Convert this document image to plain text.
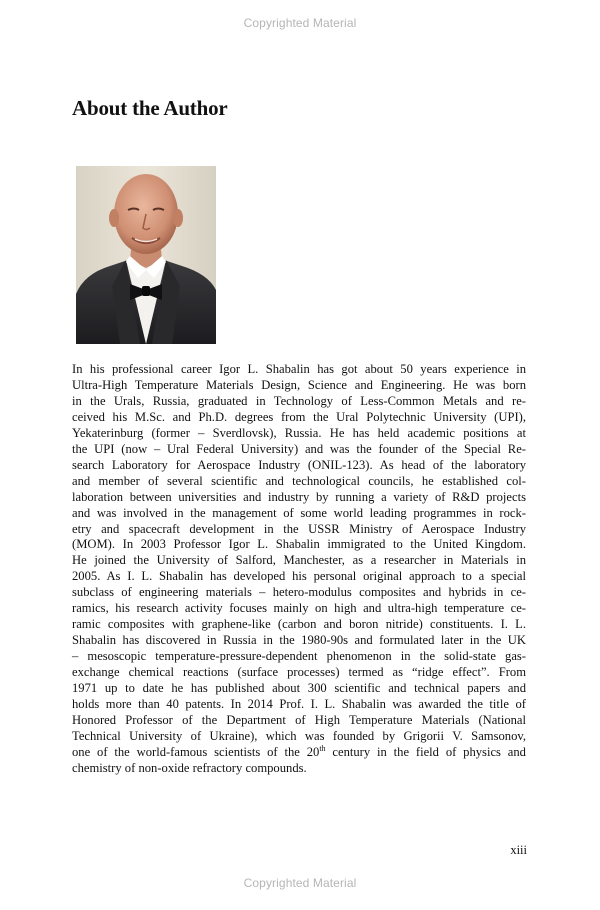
Copyrighted Material
About the Author

In his professional career Igor L. Shabalin has got about 50 years experience in
Ultra-High Temperature Materials Design, Science and Engineering. He was born
in the Urals, Russia, graduated in Technology of Less-Common Metals and re-
ceived his M.Sc. and Ph.D. degrees from the Ural Polytechnic University (UPI),
Yekaterinburg (former – Sverdlovsk), Russia. He has held academic positions at
the UPI (now – Ural Federal University) and was the founder of the Special Re-
search Laboratory for Aerospace Industry (ONIL-123). As head of the laboratory
and member of several scientific and technological councils, he established col-
laboration between universities and industry by running a variety of R&D projects
and was involved in the management of some world leading programmes in rock-
etry and spacecraft development in the USSR Ministry of Aerospace Industry
(MOM). In 2003 Professor Igor L. Shabalin immigrated to the United Kingdom.
He joined the University of Salford, Manchester, as a researcher in Materials in
2005. As I. L. Shabalin has developed his personal original approach to a special
subclass of engineering materials – hetero-modulus composites and hybrids in ce-
ramics, his research activity focuses mainly on high and ultra-high temperature ce-
ramic composites with graphene-like (carbon and boron nitride) constituents. I. L.
Shabalin has discovered in Russia in the 1980-90s and formulated later in the UK
– mesoscopic temperature-pressure-dependent phenomenon in the solid-state gas-
exchange chemical reactions (surface processes) termed as “ridge effect”. From
1971 up to date he has published about 300 scientific and technical papers and
holds more than 40 patents. In 2014 Prof. I. L. Shabalin was awarded the title of
Honored Professor of the Department of High Temperature Materials (National
Technical University of Ukraine), which was founded by Grigorii V. Samsonov,
one of the world-famous scientists of the 20th century in the field of physics and
chemistry of non-oxide refractory compounds.

xiii
Copyrighted Material
